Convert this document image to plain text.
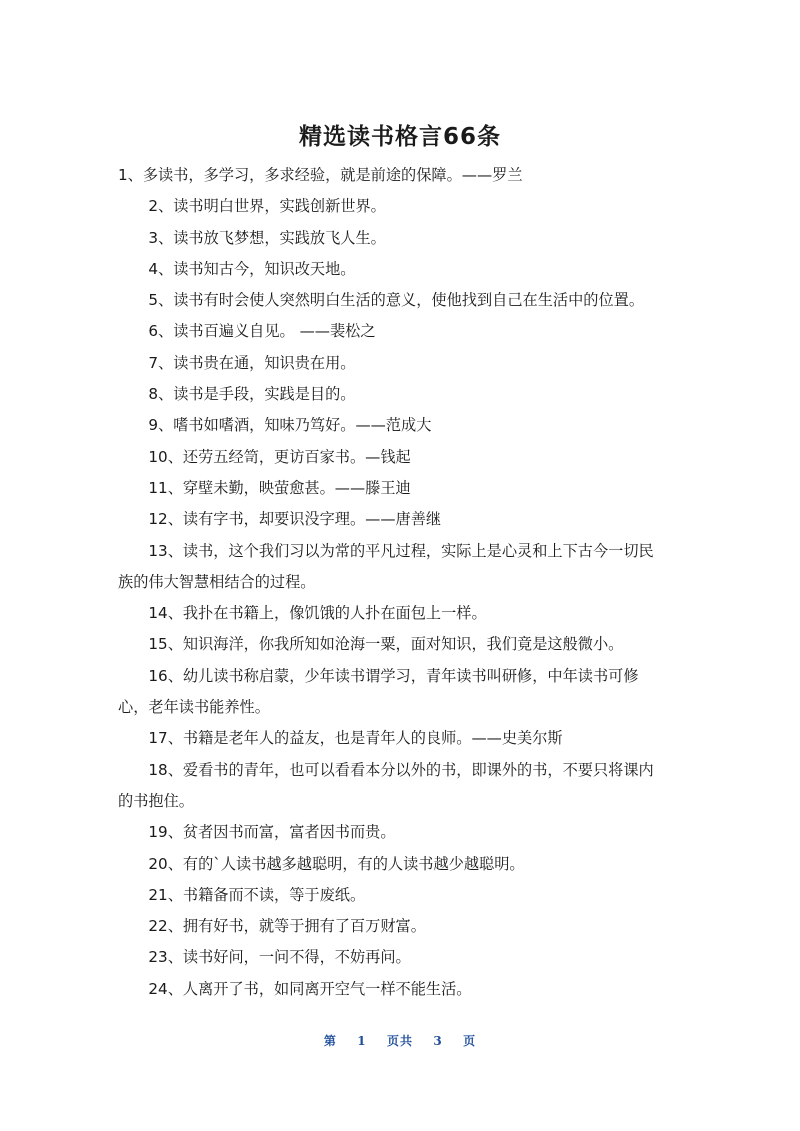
精选读书格言66条

1、多读书，多学习，多求经验，就是前途的保障。——罗兰

2、读书明白世界，实践创新世界。

3、读书放飞梦想，实践放飞人生。

4、读书知古今，知识改天地。

5、读书有时会使人突然明白生活的意义，使他找到自己在生活中的位置。

6、读书百遍义自见。 ——裴松之

7、读书贵在通，知识贵在用。

8、读书是手段，实践是目的。

9、嗜书如嗜酒，知味乃笃好。——范成大

10、还劳五经笥，更访百家书。—钱起

11、穿壁未勤，映萤愈甚。——滕王迪

12、读有字书，却要识没字理。——唐善继

13、读书，这个我们习以为常的平凡过程，实际上是心灵和上下古今一切民族的伟大智慧相结合的过程。

14、我扑在书籍上，像饥饿的人扑在面包上一样。

15、知识海洋，你我所知如沧海一粟，面对知识，我们竟是这般微小。

16、幼儿读书称启蒙，少年读书谓学习，青年读书叫研修，中年读书可修心，老年读书能养性。

17、书籍是老年人的益友，也是青年人的良师。——史美尔斯

18、爱看书的青年，也可以看看本分以外的书，即课外的书，不要只将课内的书抱住。

19、贫者因书而富，富者因书而贵。

20、有的`人读书越多越聪明，有的人读书越少越聪明。

21、书籍备而不读，等于废纸。

22、拥有好书，就等于拥有了百万财富。

23、读书好问，一问不得，不妨再问。

24、人离开了书，如同离开空气一样不能生活。

第 1 页共 3 页
